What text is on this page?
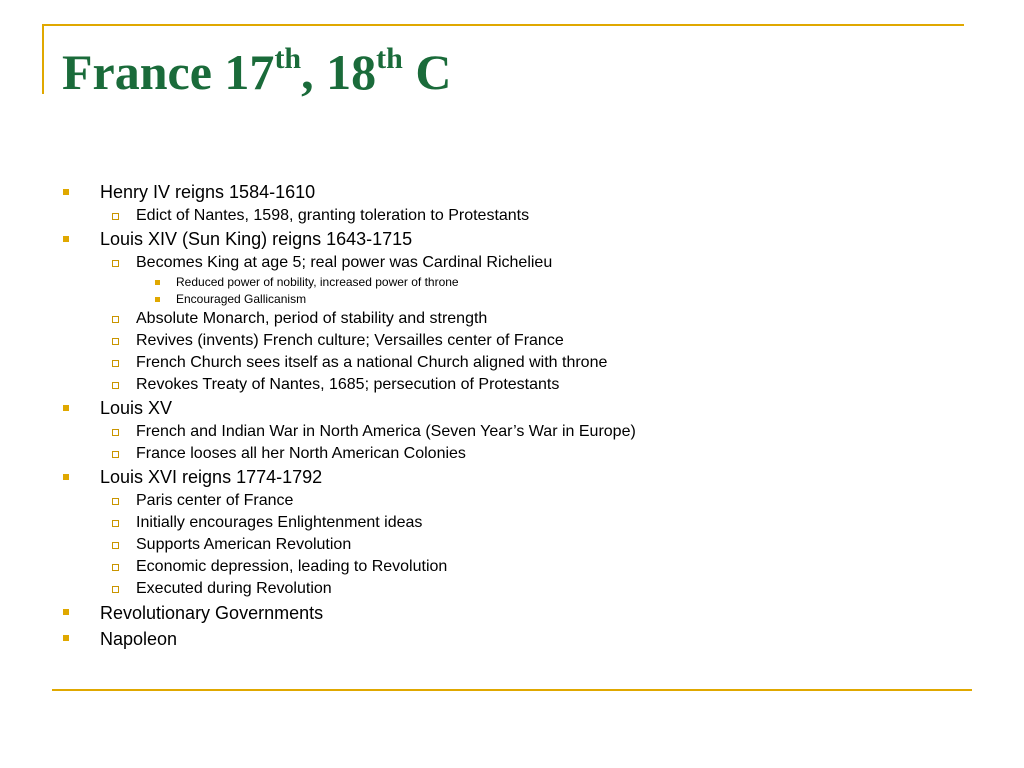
France 17th, 18th C
Henry IV reigns 1584-1610
Edict of Nantes, 1598, granting toleration to Protestants
Louis XIV (Sun King) reigns 1643-1715
Becomes King at age 5; real power was Cardinal Richelieu
Reduced power of nobility, increased power of throne
Encouraged Gallicanism
Absolute Monarch, period of stability and strength
Revives (invents) French culture; Versailles center of France
French Church sees itself as a national Church aligned with throne
Revokes Treaty of Nantes, 1685; persecution of Protestants
Louis XV
French and Indian War in North America (Seven Year’s War in Europe)
France looses all her North American Colonies
Louis XVI reigns 1774-1792
Paris center of France
Initially encourages Enlightenment ideas
Supports American Revolution
Economic depression, leading to Revolution
Executed during Revolution
Revolutionary Governments
Napoleon
